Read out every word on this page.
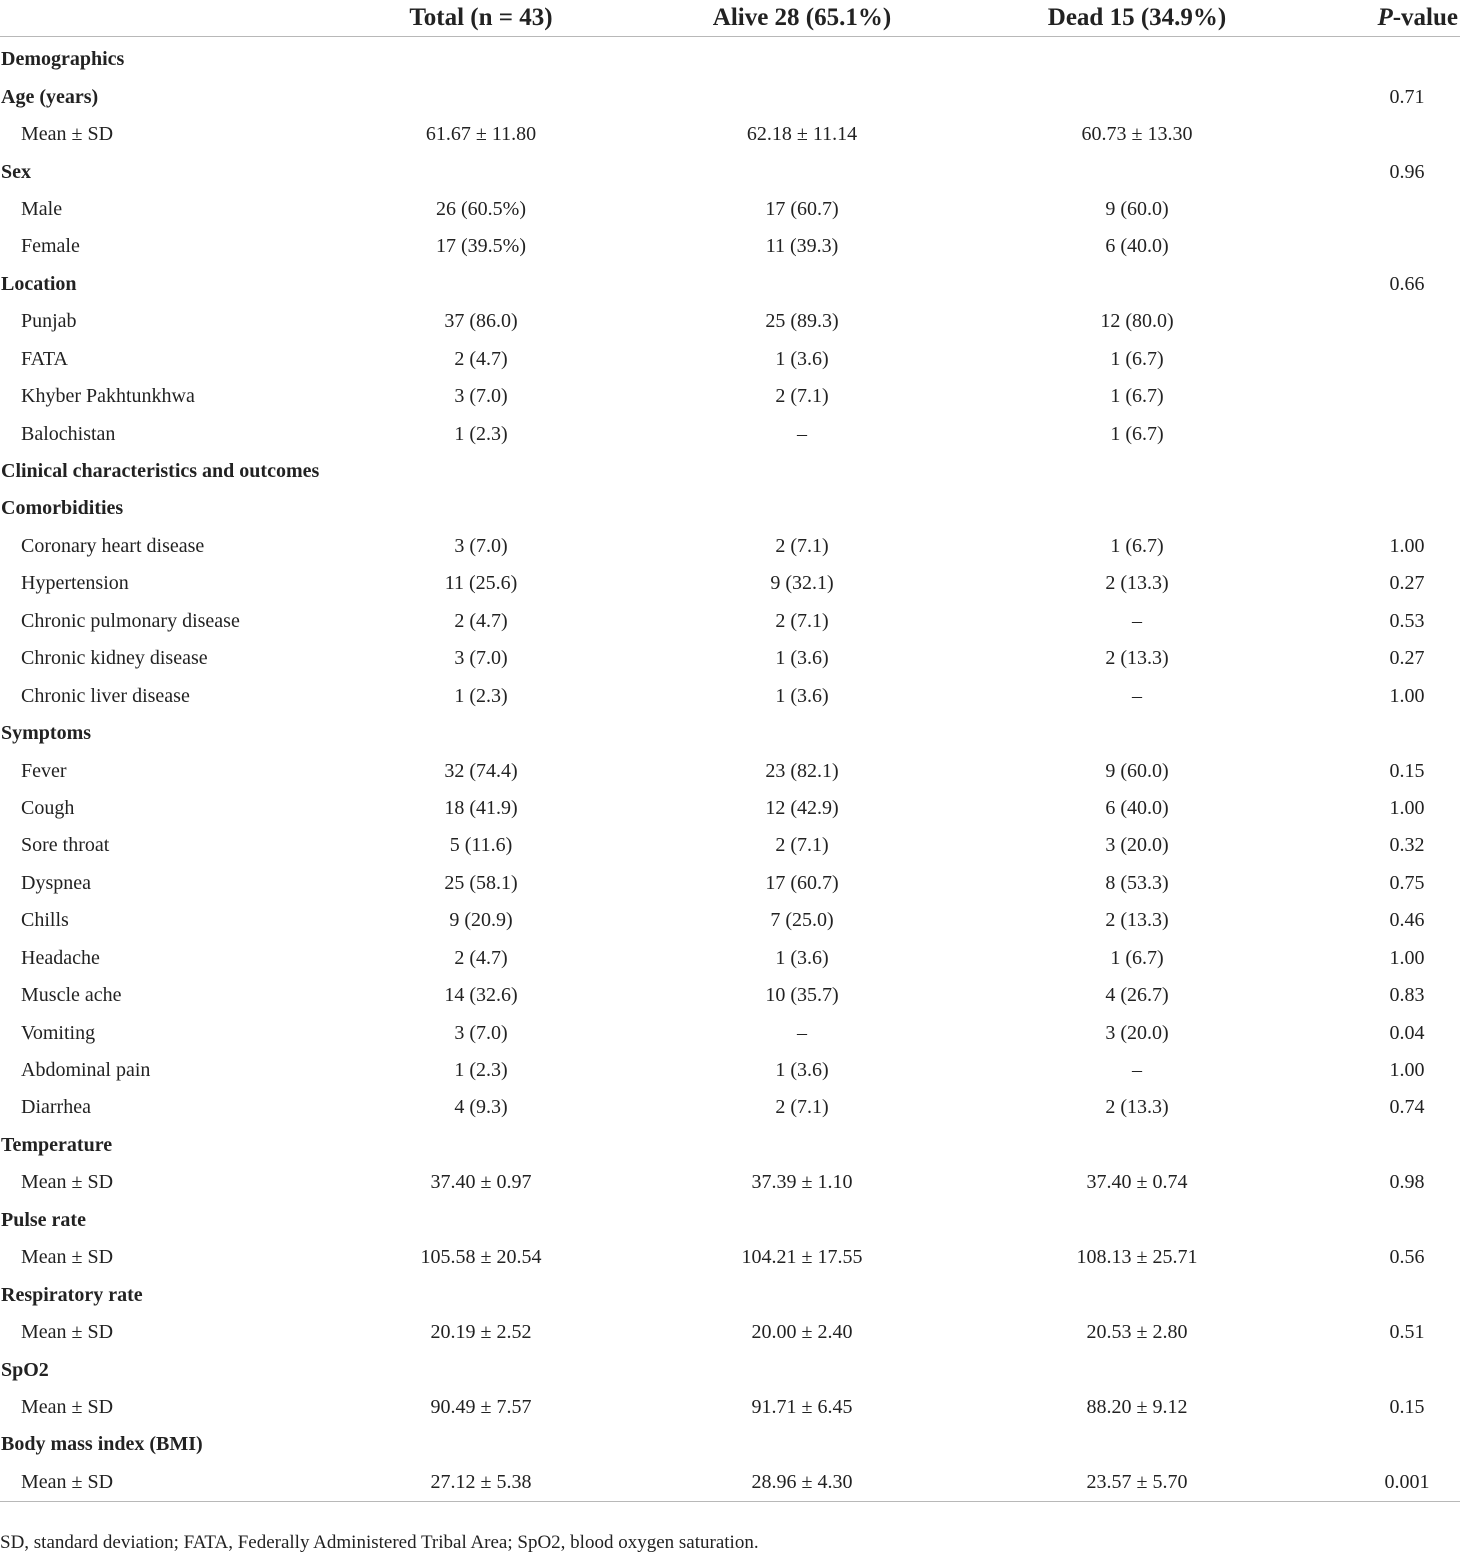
	Total (n = 43)	Alive 28 (65.1%)	Dead 15 (34.9%)	P-value
Demographics				
Age (years)				0.71
Mean ± SD	61.67 ± 11.80	62.18 ± 11.14	60.73 ± 13.30	
Sex				0.96
Male	26 (60.5%)	17 (60.7)	9 (60.0)	
Female	17 (39.5%)	11 (39.3)	6 (40.0)	
Location				0.66
Punjab	37 (86.0)	25 (89.3)	12 (80.0)	
FATA	2 (4.7)	1 (3.6)	1 (6.7)	
Khyber Pakhtunkhwa	3 (7.0)	2 (7.1)	1 (6.7)	
Balochistan	1 (2.3)	–	1 (6.7)	
Clinical characteristics and outcomes				
Comorbidities				
Coronary heart disease	3 (7.0)	2 (7.1)	1 (6.7)	1.00
Hypertension	11 (25.6)	9 (32.1)	2 (13.3)	0.27
Chronic pulmonary disease	2 (4.7)	2 (7.1)	–	0.53
Chronic kidney disease	3 (7.0)	1 (3.6)	2 (13.3)	0.27
Chronic liver disease	1 (2.3)	1 (3.6)	–	1.00
Symptoms				
Fever	32 (74.4)	23 (82.1)	9 (60.0)	0.15
Cough	18 (41.9)	12 (42.9)	6 (40.0)	1.00
Sore throat	5 (11.6)	2 (7.1)	3 (20.0)	0.32
Dyspnea	25 (58.1)	17 (60.7)	8 (53.3)	0.75
Chills	9 (20.9)	7 (25.0)	2 (13.3)	0.46
Headache	2 (4.7)	1 (3.6)	1 (6.7)	1.00
Muscle ache	14 (32.6)	10 (35.7)	4 (26.7)	0.83
Vomiting	3 (7.0)	–	3 (20.0)	0.04
Abdominal pain	1 (2.3)	1 (3.6)	–	1.00
Diarrhea	4 (9.3)	2 (7.1)	2 (13.3)	0.74
Temperature				
Mean ± SD	37.40 ± 0.97	37.39 ± 1.10	37.40 ± 0.74	0.98
Pulse rate				
Mean ± SD	105.58 ± 20.54	104.21 ± 17.55	108.13 ± 25.71	0.56
Respiratory rate				
Mean ± SD	20.19 ± 2.52	20.00 ± 2.40	20.53 ± 2.80	0.51
SpO2				
Mean ± SD	90.49 ± 7.57	91.71 ± 6.45	88.20 ± 9.12	0.15
Body mass index (BMI)				
Mean ± SD	27.12 ± 5.38	28.96 ± 4.30	23.57 ± 5.70	0.001
SD, standard deviation; FATA, Federally Administered Tribal Area; SpO2, blood oxygen saturation.
